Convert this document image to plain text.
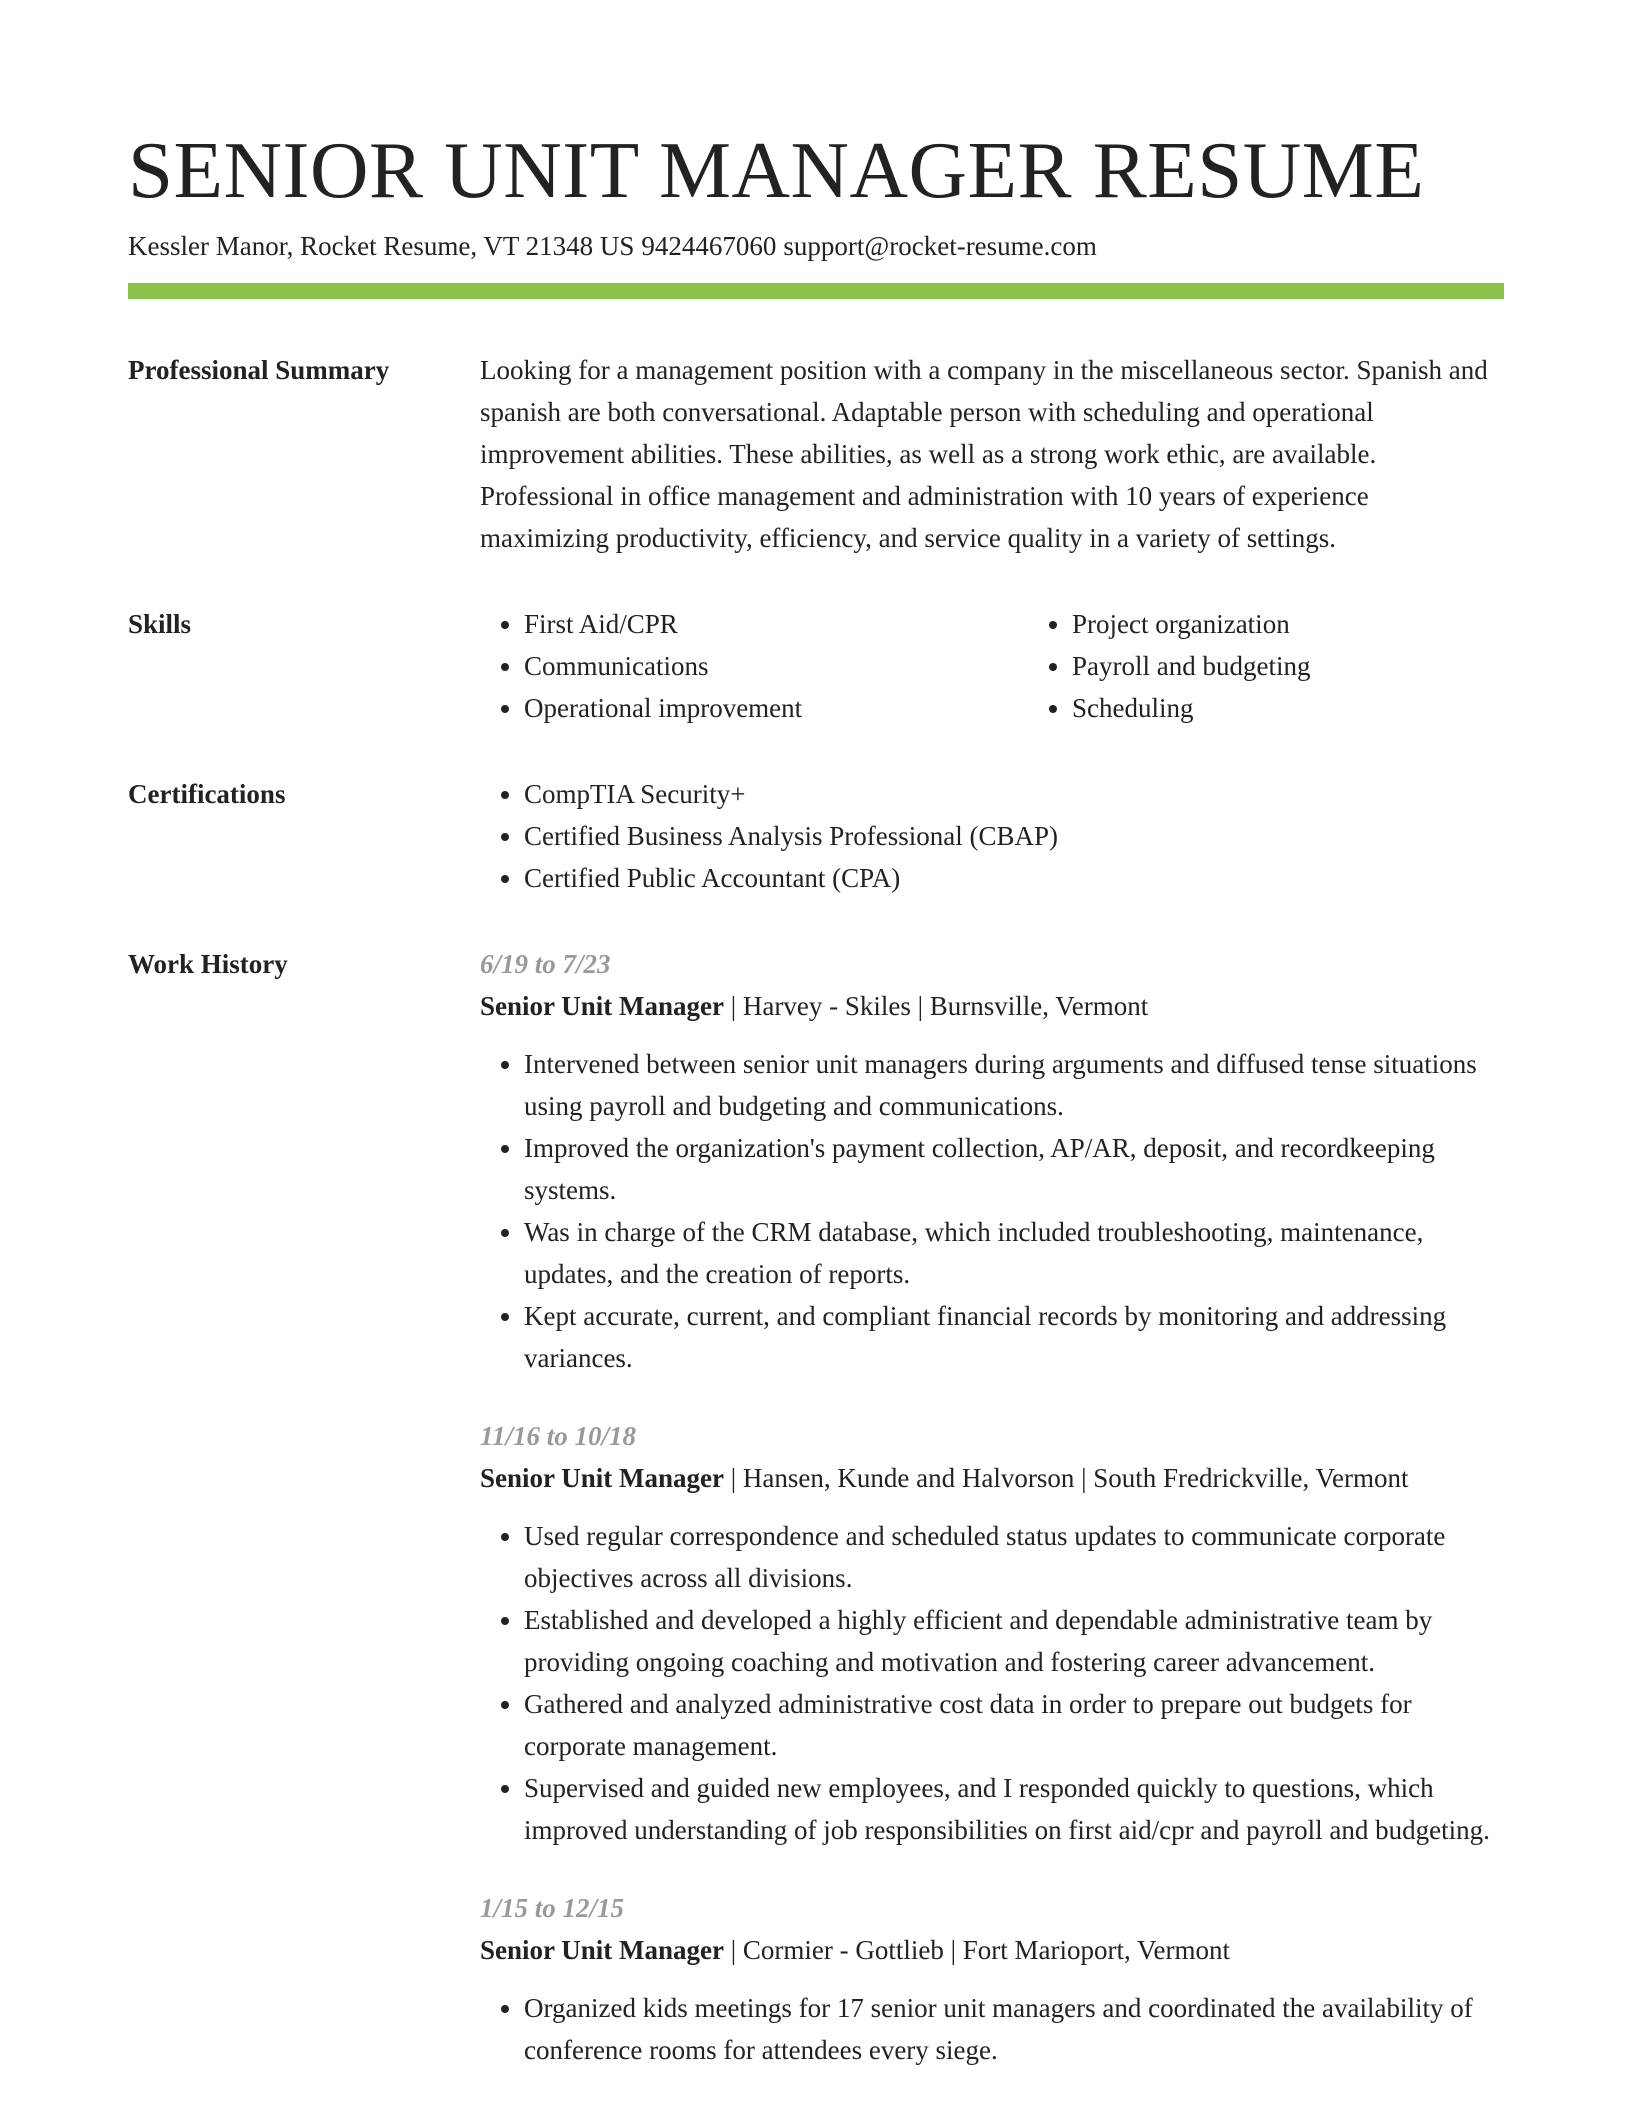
SENIOR UNIT MANAGER RESUME
Kessler Manor, Rocket Resume, VT 21348 US 9424467060 support@rocket-resume.com
Professional Summary	Looking for a management position with a company in the miscellaneous sector. Spanish and spanish are both conversational. Adaptable person with scheduling and operational improvement abilities. These abilities, as well as a strong work ethic, are available. Professional in office management and administration with 10 years of experience maximizing productivity, efficiency, and service quality in a variety of settings.

Skills	• First Aid/CPR
• Communications
• Operational improvement
• Project organization
• Payroll and budgeting
• Scheduling
Certifications	• CompTIA Security+
• Certified Business Analysis Professional (CBAP)
• Certified Public Accountant (CPA)
Work History	6/19 to 7/23
Senior Unit Manager | Harvey - Skiles | Burnsville, Vermont
• Intervened between senior unit managers during arguments and diffused tense situations using payroll and budgeting and communications.
• Improved the organization's payment collection, AP/AR, deposit, and recordkeeping systems.
• Was in charge of the CRM database, which included troubleshooting, maintenance, updates, and the creation of reports.
• Kept accurate, current, and compliant financial records by monitoring and addressing variances.
11/16 to 10/18
Senior Unit Manager | Hansen, Kunde and Halvorson | South Fredrickville, Vermont
• Used regular correspondence and scheduled status updates to communicate corporate objectives across all divisions.
• Established and developed a highly efficient and dependable administrative team by providing ongoing coaching and motivation and fostering career advancement.
• Gathered and analyzed administrative cost data in order to prepare out budgets for corporate management.
• Supervised and guided new employees, and I responded quickly to questions, which improved understanding of job responsibilities on first aid/cpr and payroll and budgeting.
1/15 to 12/15
Senior Unit Manager | Cormier - Gottlieb | Fort Marioport, Vermont
• Organized kids meetings for 17 senior unit managers and coordinated the availability of conference rooms for attendees every siege.
